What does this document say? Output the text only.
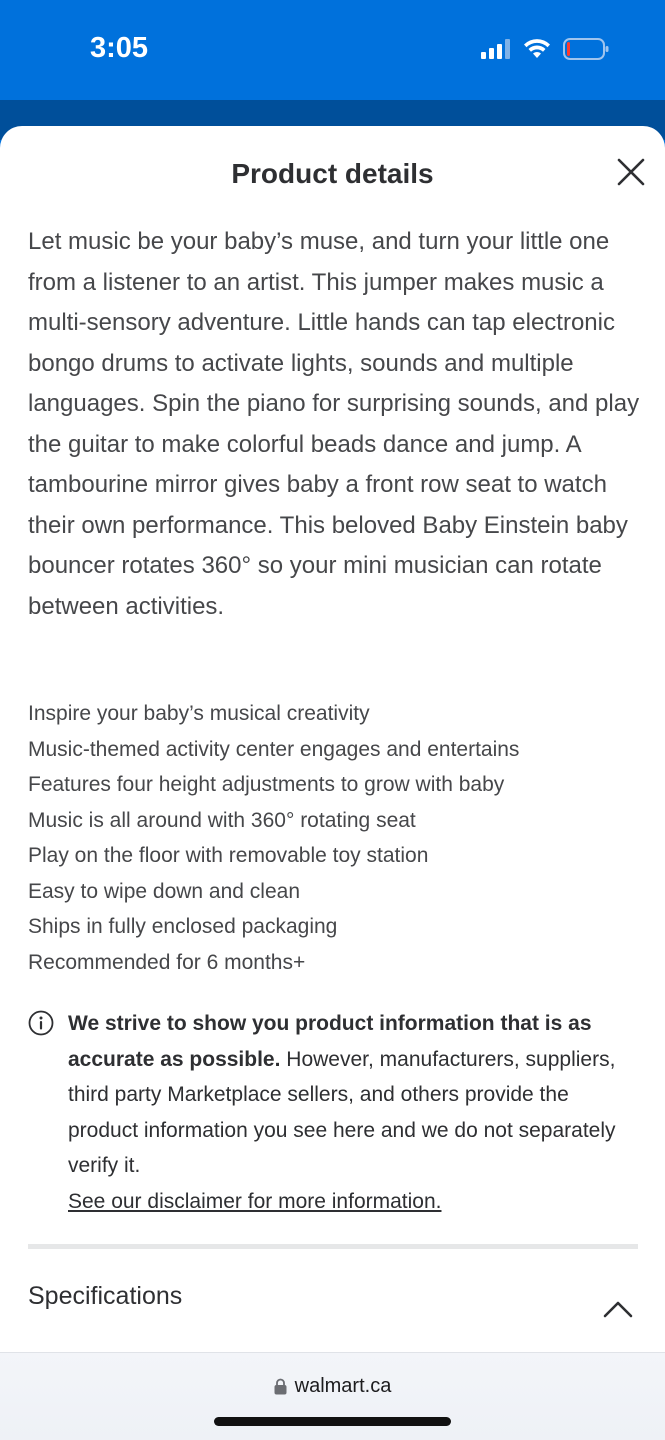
3:05
Product details

Let music be your baby’s muse, and turn your little one from a listener to an artist. This jumper makes music a multi-sensory adventure. Little hands can tap electronic bongo drums to activate lights, sounds and multiple languages. Spin the piano for surprising sounds, and play the guitar to make colorful beads dance and jump. A tambourine mirror gives baby a front row seat to watch their own performance. This beloved Baby Einstein baby bouncer rotates 360° so your mini musician can rotate between activities.

Inspire your baby’s musical creativity
Music-themed activity center engages and entertains
Features four height adjustments to grow with baby
Music is all around with 360° rotating seat
Play on the floor with removable toy station
Easy to wipe down and clean
Ships in fully enclosed packaging
Recommended for 6 months+
We strive to show you product information that is as accurate as possible. However, manufacturers, suppliers, third party Marketplace sellers, and others provide the product information you see here and we do not separately verify it.
See our disclaimer for more information.
Specifications
walmart.ca
